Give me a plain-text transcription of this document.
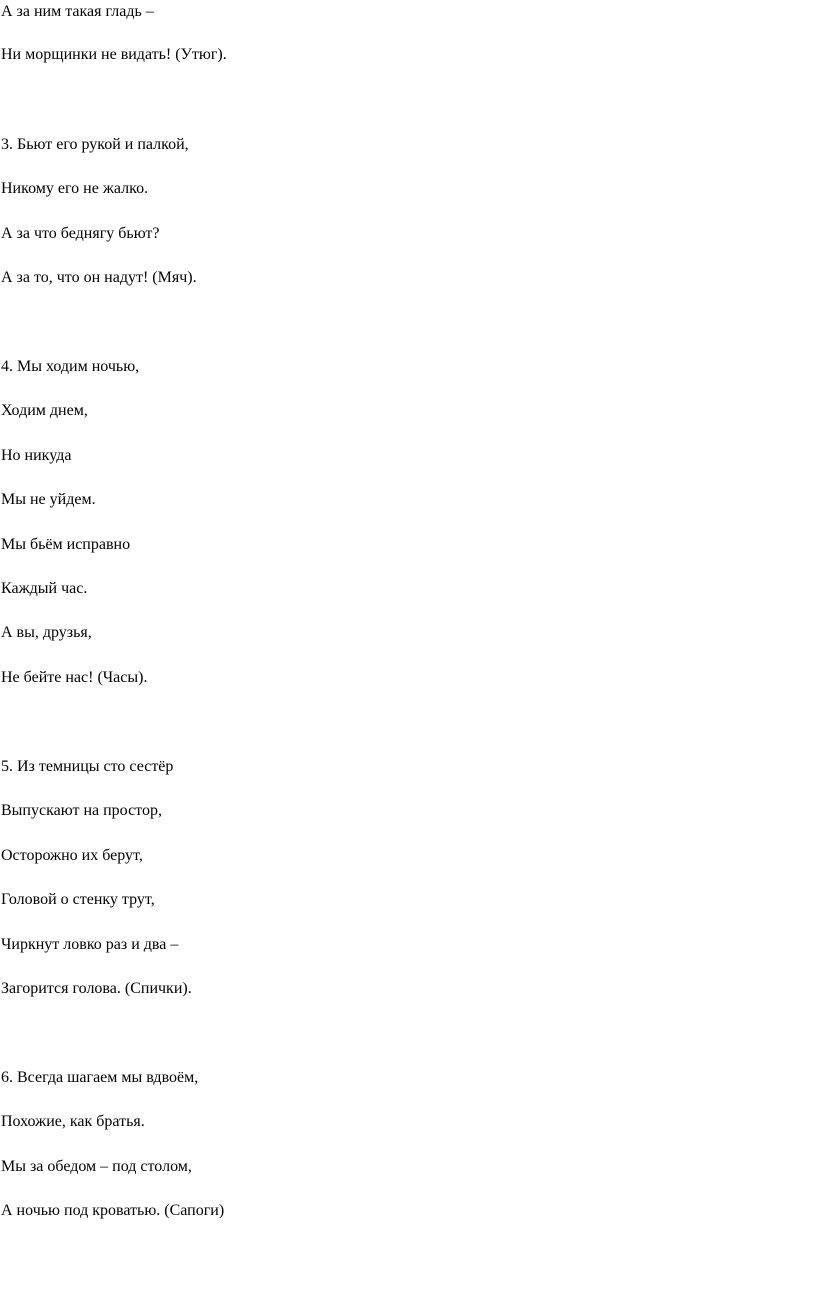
А за ним такая гладь –
Ни морщинки не видать! (Утюг).
3. Бьют его рукой и палкой,
Никому его не жалко.
А за что беднягу бьют?
А за то, что он надут! (Мяч).
4. Мы ходим ночью,
Ходим днем,
Но никуда
Мы не уйдем.
Мы бьём исправно
Каждый час.
А вы, друзья,
Не бейте нас! (Часы).
5. Из темницы сто сестёр
Выпускают на простор,
Осторожно их берут,
Головой о стенку трут,
Чиркнут ловко раз и два –
Загорится голова. (Спички).
6. Всегда шагаем мы вдвоём,
Похожие, как братья.
Мы за обедом – под столом,
А ночью под кроватью. (Сапоги)
